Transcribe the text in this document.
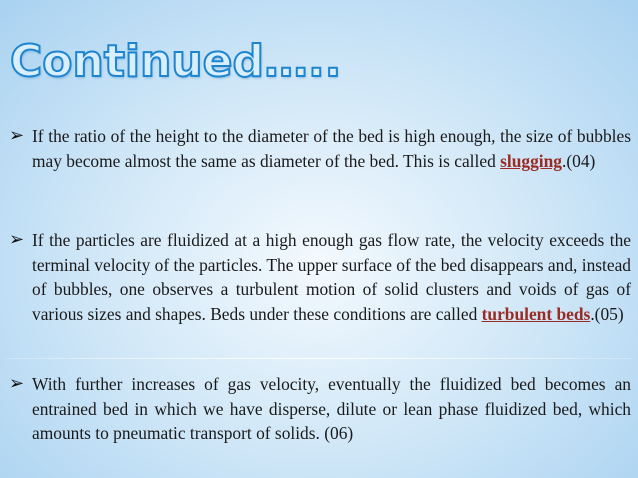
Continued…..
➢ If the ratio of the height to the diameter of the bed is high enough, the size of bubbles may become almost the same as diameter of the bed. This is called slugging.(04)
➢ If the particles are fluidized at a high enough gas flow rate, the velocity exceeds the terminal velocity of the particles. The upper surface of the bed disappears and, instead of bubbles, one observes a turbulent motion of solid clusters and voids of gas of various sizes and shapes. Beds under these conditions are called turbulent beds.(05)
➢ With further increases of gas velocity, eventually the fluidized bed becomes an entrained bed in which we have disperse, dilute or lean phase fluidized bed, which amounts to pneumatic transport of solids. (06)
